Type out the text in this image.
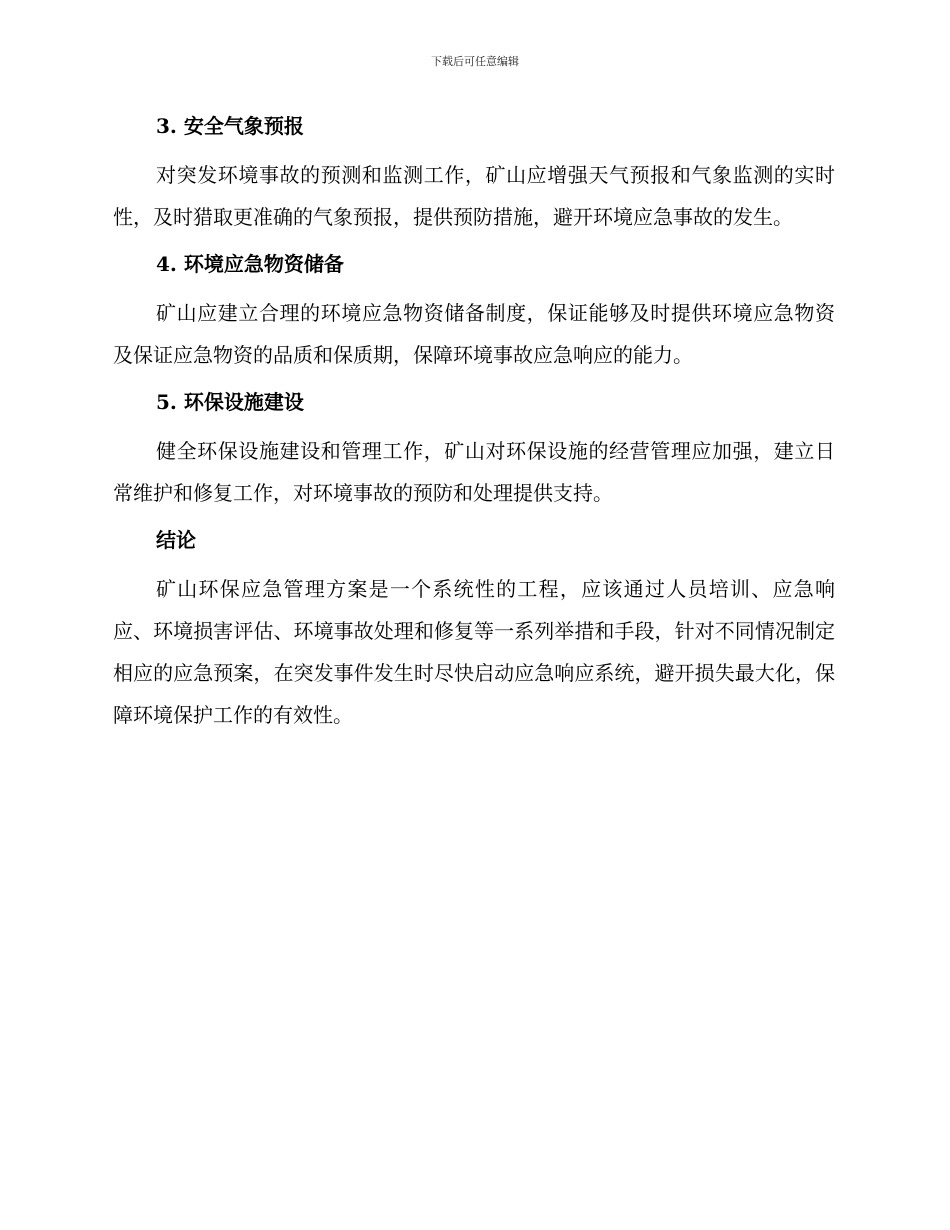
下载后可任意编辑
3. 安全气象预报

对突发环境事故的预测和监测工作，矿山应增强天气预报和气象监测的实时性，及时猎取更准确的气象预报，提供预防措施，避开环境应急事故的发生。

4. 环境应急物资储备

矿山应建立合理的环境应急物资储备制度，保证能够及时提供环境应急物资及保证应急物资的品质和保质期，保障环境事故应急响应的能力。

5. 环保设施建设

健全环保设施建设和管理工作，矿山对环保设施的经营管理应加强，建立日常维护和修复工作，对环境事故的预防和处理提供支持。

结论

矿山环保应急管理方案是一个系统性的工程，应该通过人员培训、应急响应、环境损害评估、环境事故处理和修复等一系列举措和手段，针对不同情况制定相应的应急预案，在突发事件发生时尽快启动应急响应系统，避开损失最大化，保障环境保护工作的有效性。
